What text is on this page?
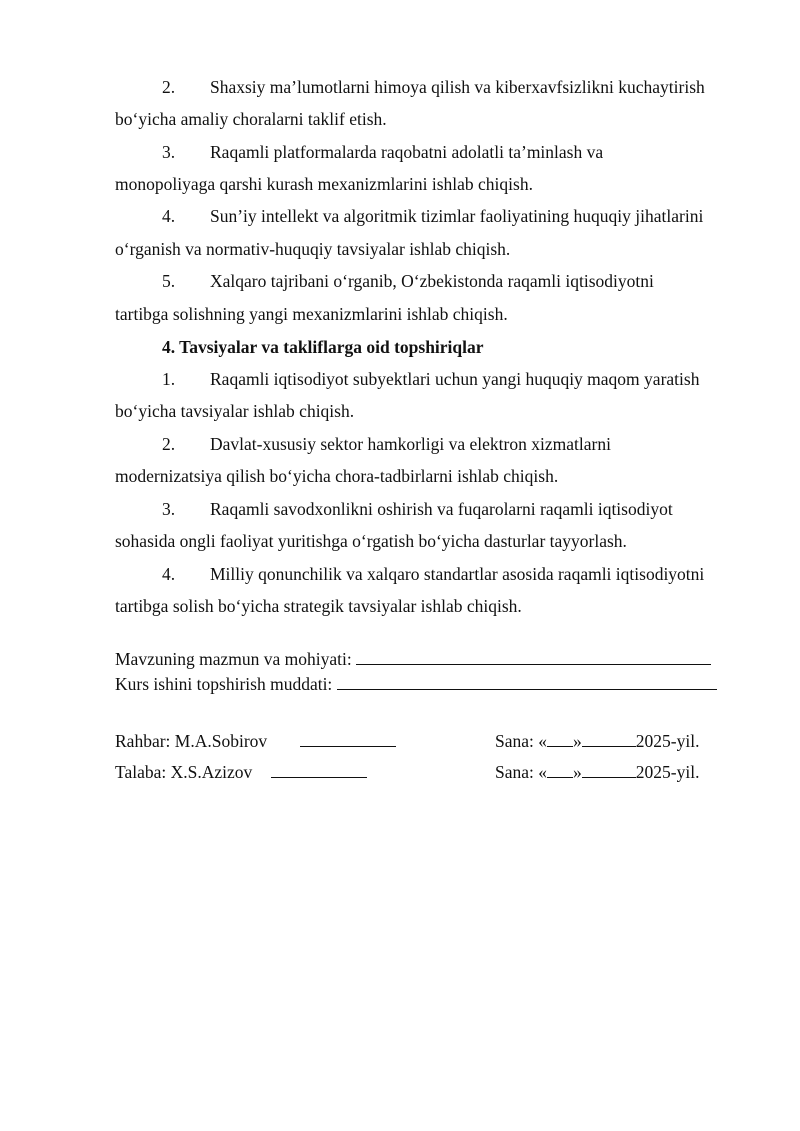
2. Shaxsiy ma’lumotlarni himoya qilish va kiberxavfsizlikni kuchaytirish
bo‘yicha amaliy choralarni taklif etish.
3. Raqamli platformalarda raqobatni adolatli ta’minlash va
monopoliyaga qarshi kurash mexanizmlarini ishlab chiqish.
4. Sun’iy intellekt va algoritmik tizimlar faoliyatining huquqiy jihatlarini
o‘rganish va normativ-huquqiy tavsiyalar ishlab chiqish.
5. Xalqaro tajribani o‘rganib, O‘zbekistonda raqamli iqtisodiyotni
tartibga solishning yangi mexanizmlarini ishlab chiqish.
4. Tavsiyalar va takliflarga oid topshiriqlar
1. Raqamli iqtisodiyot subyektlari uchun yangi huquqiy maqom yaratish
bo‘yicha tavsiyalar ishlab chiqish.
2. Davlat-xususiy sektor hamkorligi va elektron xizmatlarni
modernizatsiya qilish bo‘yicha chora-tadbirlarni ishlab chiqish.
3. Raqamli savodxonlikni oshirish va fuqarolarni raqamli iqtisodiyot
sohasida ongli faoliyat yuritishga o‘rgatish bo‘yicha dasturlar tayyorlash.
4. Milliy qonunchilik va xalqaro standartlar asosida raqamli iqtisodiyotni
tartibga solish bo‘yicha strategik tavsiyalar ishlab chiqish.
Mavzuning mazmun va mohiyati:
Kurs ishini topshirish muddati:
Rahbar: M.A.Sobirov	Sana: « »	2025-yil.
Talaba: X.S.Azizov	Sana: « »	2025-yil.
